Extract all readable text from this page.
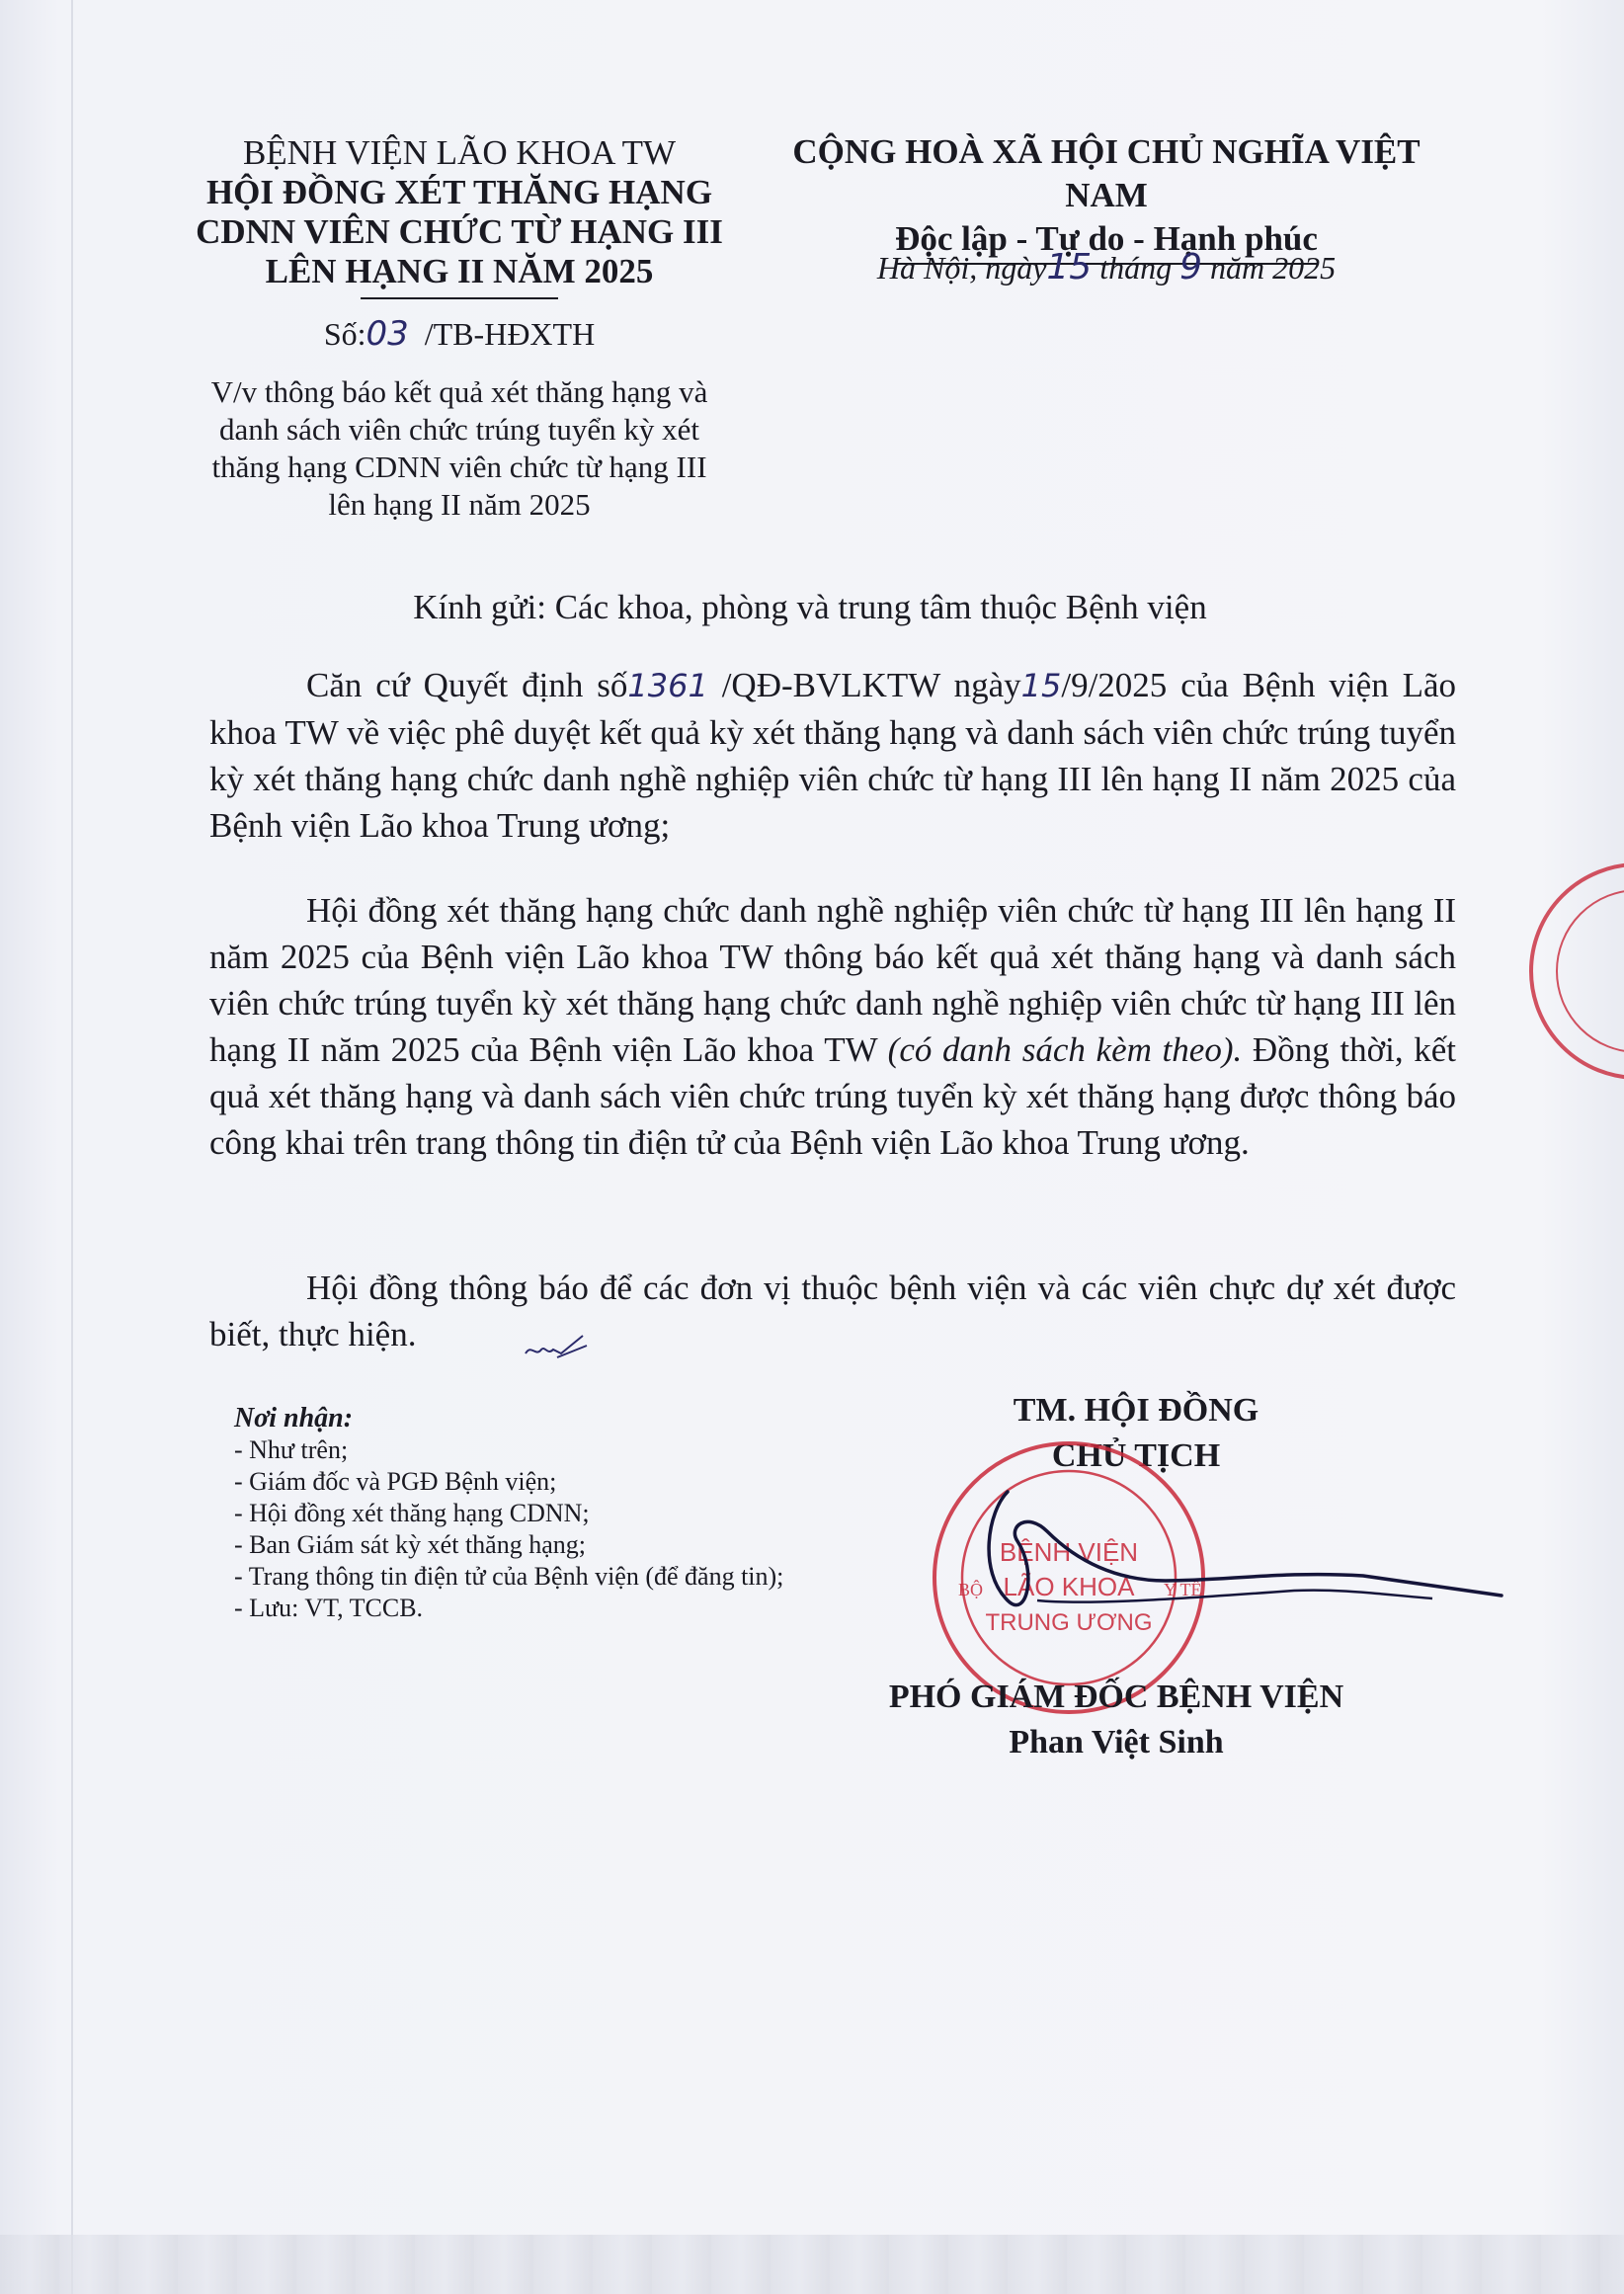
BỆNH VIỆN LÃO KHOA TW
HỘI ĐỒNG XÉT THĂNG HẠNG
CDNN VIÊN CHỨC TỪ HẠNG III
LÊN HẠNG II NĂM 2025
Số:03 /TB-HĐXTH
V/v thông báo kết quả xét thăng hạng và
danh sách viên chức trúng tuyển kỳ xét
thăng hạng CDNN viên chức từ hạng III
lên hạng II năm 2025
CỘNG HOÀ XÃ HỘI CHỦ NGHĨA VIỆT NAM
Độc lập - Tự do - Hạnh phúc
Hà Nội, ngày15 tháng 9 năm 2025
Kính gửi: Các khoa, phòng và trung tâm thuộc Bệnh viện
Căn cứ Quyết định số1361 /QĐ-BVLKTW ngày15/9/2025 của Bệnh viện Lão khoa TW về việc phê duyệt kết quả kỳ xét thăng hạng và danh sách viên chức trúng tuyển kỳ xét thăng hạng chức danh nghề nghiệp viên chức từ hạng III lên hạng II năm 2025 của Bệnh viện Lão khoa Trung ương;
Hội đồng xét thăng hạng chức danh nghề nghiệp viên chức từ hạng III lên hạng II năm 2025 của Bệnh viện Lão khoa TW thông báo kết quả xét thăng hạng và danh sách viên chức trúng tuyển kỳ xét thăng hạng chức danh nghề nghiệp viên chức từ hạng III lên hạng II năm 2025 của Bệnh viện Lão khoa TW (có danh sách kèm theo). Đồng thời, kết quả xét thăng hạng và danh sách viên chức trúng tuyển kỳ xét thăng hạng được thông báo công khai trên trang thông tin điện tử của Bệnh viện Lão khoa Trung ương.
Hội đồng thông báo để các đơn vị thuộc bệnh viện và các viên chực dự xét được biết, thực hiện.
Nơi nhận:
- Như trên;
- Giám đốc và PGĐ Bệnh viện;
- Hội đồng xét thăng hạng CDNN;
- Ban Giám sát kỳ xét thăng hạng;
- Trang thông tin điện tử của Bệnh viện (để đăng tin);
- Lưu: VT, TCCB.
TM. HỘI ĐỒNG
CHỦ TỊCH
BỘ	Y TẾ
BỆNH VIỆN
LÃO KHOA
TRUNG ƯƠNG
PHÓ GIÁM ĐỐC BỆNH VIỆN
Phan Việt Sinh
